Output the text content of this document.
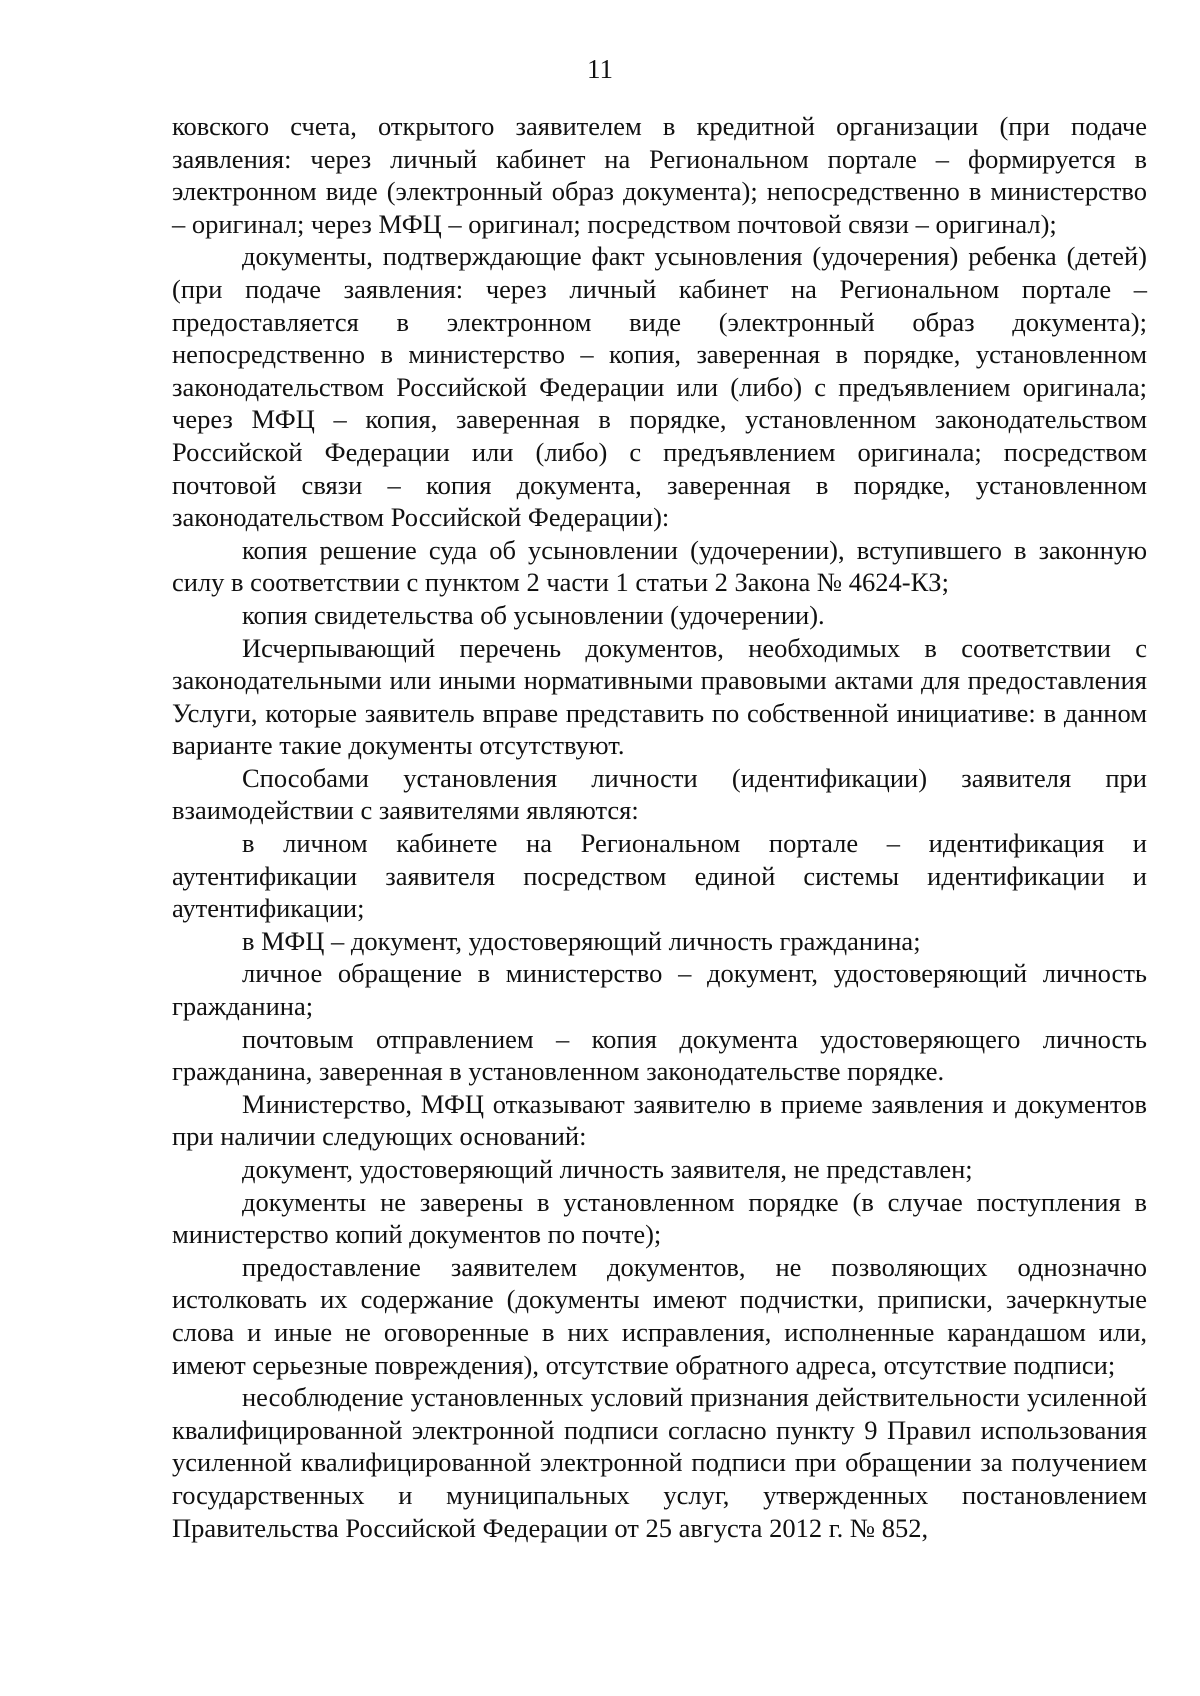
11

ковского счета, открытого заявителем в кредитной организации (при подаче заявления: через личный кабинет на Региональном портале – формируется в электронном виде (электронный образ документа); непосредственно в министерство – оригинал; через МФЦ – оригинал; посредством почтовой связи – оригинал);

документы, подтверждающие факт усыновления (удочерения) ребенка (детей) (при подаче заявления: через личный кабинет на Региональном портале – предоставляется в электронном виде (электронный образ документа); непосредственно в министерство – копия, заверенная в порядке, установленном законодательством Российской Федерации или (либо) с предъявлением оригинала; через МФЦ – копия, заверенная в порядке, установленном законодательством Российской Федерации или (либо) с предъявлением оригинала; посредством почтовой связи – копия документа, заверенная в порядке, установленном законодательством Российской Федерации):

копия решение суда об усыновлении (удочерении), вступившего в законную силу в соответствии с пунктом 2 части 1 статьи 2 Закона № 4624-КЗ;

копия свидетельства об усыновлении (удочерении).

Исчерпывающий перечень документов, необходимых в соответствии с законодательными или иными нормативными правовыми актами для предоставления Услуги, которые заявитель вправе представить по собственной инициативе: в данном варианте такие документы отсутствуют.

Способами установления личности (идентификации) заявителя при взаимодействии с заявителями являются:

в личном кабинете на Региональном портале – идентификация и аутентификации заявителя посредством единой системы идентификации и аутентификации;

в МФЦ – документ, удостоверяющий личность гражданина;

личное обращение в министерство – документ, удостоверяющий личность гражданина;

почтовым отправлением – копия документа удостоверяющего личность гражданина, заверенная в установленном законодательстве порядке.

Министерство, МФЦ отказывают заявителю в приеме заявления и документов при наличии следующих оснований:

документ, удостоверяющий личность заявителя, не представлен;

документы не заверены в установленном порядке (в случае поступления в министерство копий документов по почте);

предоставление заявителем документов, не позволяющих однозначно истолковать их содержание (документы имеют подчистки, приписки, зачеркнутые слова и иные не оговоренные в них исправления, исполненные карандашом или, имеют серьезные повреждения), отсутствие обратного адреса, отсутствие подписи;

несоблюдение установленных условий признания действительности усиленной квалифицированной электронной подписи согласно пункту 9 Правил использования усиленной квалифицированной электронной подписи при обращении за получением государственных и муниципальных услуг, утвержденных постановлением Правительства Российской Федерации от 25 августа 2012 г. № 852,
